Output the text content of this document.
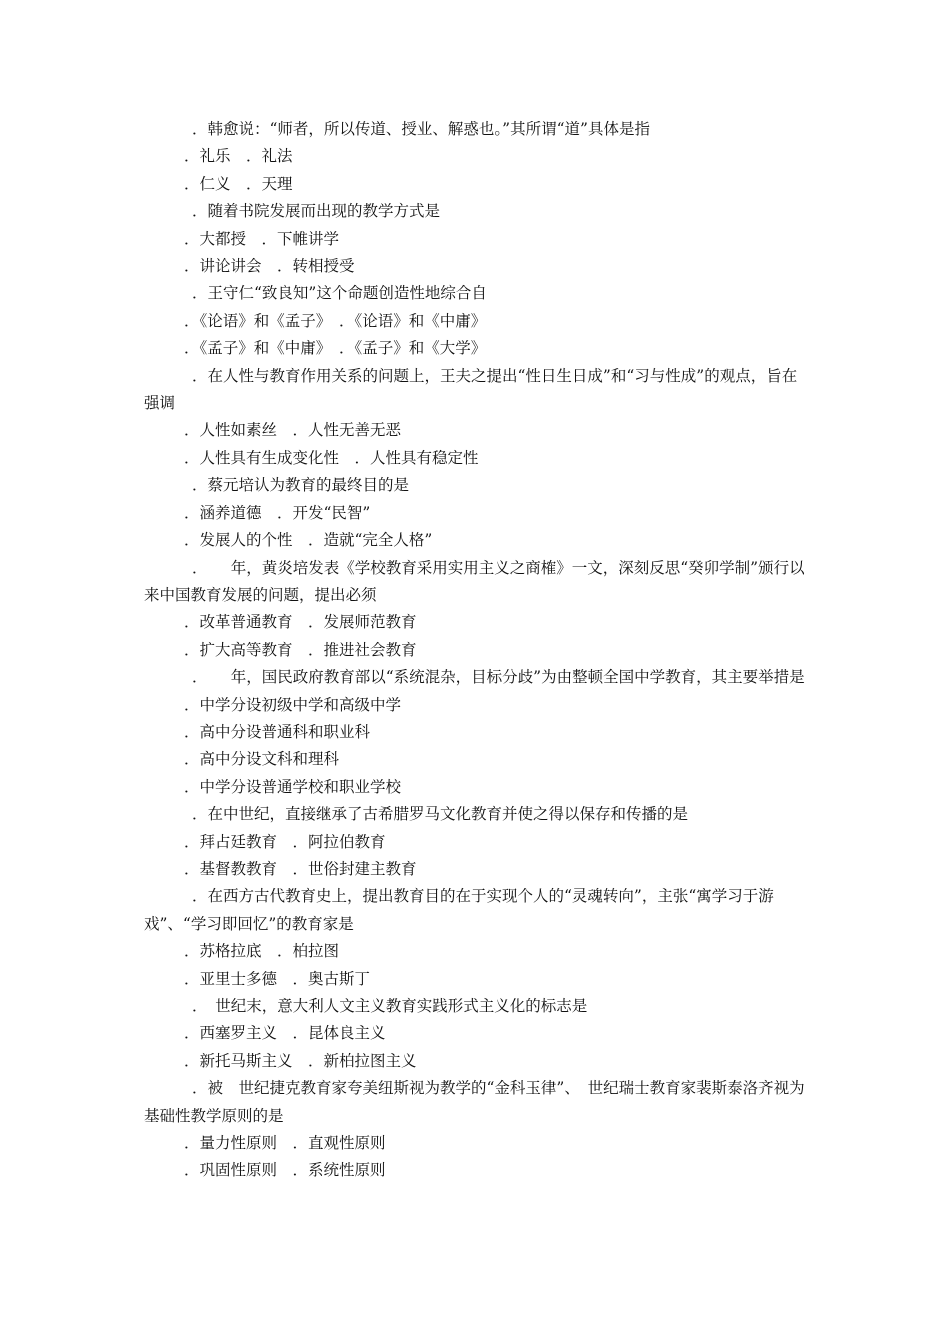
．韩愈说：“师者，所以传道、授业、解惑也。”其所谓“道”具体是指
．礼乐　．礼法
．仁义　．天理
．随着书院发展而出现的教学方式是
．大都授　．下帷讲学
．讲论讲会　．转相授受
．王守仁“致良知”这个命题创造性地综合自
．《论语》和《孟子》　．《论语》和《中庸》
．《孟子》和《中庸》　．《孟子》和《大学》
．在人性与教育作用关系的问题上，王夫之提出“性日生日成”和“习与性成”的观点，旨在强调
．人性如素丝　．人性无善无恶
．人性具有生成变化性　．人性具有稳定性
．蔡元培认为教育的最终目的是
．涵养道德　．开发“民智”
．发展人的个性　．造就“完全人格”
．　　年，黄炎培发表《学校教育采用实用主义之商榷》一文，深刻反思“癸卯学制”颁行以来中国教育发展的问题，提出必须
．改革普通教育　．发展师范教育
．扩大高等教育　．推进社会教育
．　　年，国民政府教育部以“系统混杂，目标分歧”为由整顿全国中学教育，其主要举措是
．中学分设初级中学和高级中学
．高中分设普通科和职业科
．高中分设文科和理科
．中学分设普通学校和职业学校
．在中世纪，直接继承了古希腊罗马文化教育并使之得以保存和传播的是
．拜占廷教育　．阿拉伯教育
．基督教教育　．世俗封建主教育
．在西方古代教育史上，提出教育目的在于实现个人的“灵魂转向”，主张“寓学习于游戏”、“学习即回忆”的教育家是
．苏格拉底　．柏拉图
．亚里士多德　．奥古斯丁
．　世纪末，意大利人文主义教育实践形式主义化的标志是
．西塞罗主义　．昆体良主义
．新托马斯主义　．新柏拉图主义
．被　世纪捷克教育家夸美纽斯视为教学的“金科玉律”、　世纪瑞士教育家裴斯泰洛齐视为基础性教学原则的是
．量力性原则　．直观性原则
．巩固性原则　．系统性原则
